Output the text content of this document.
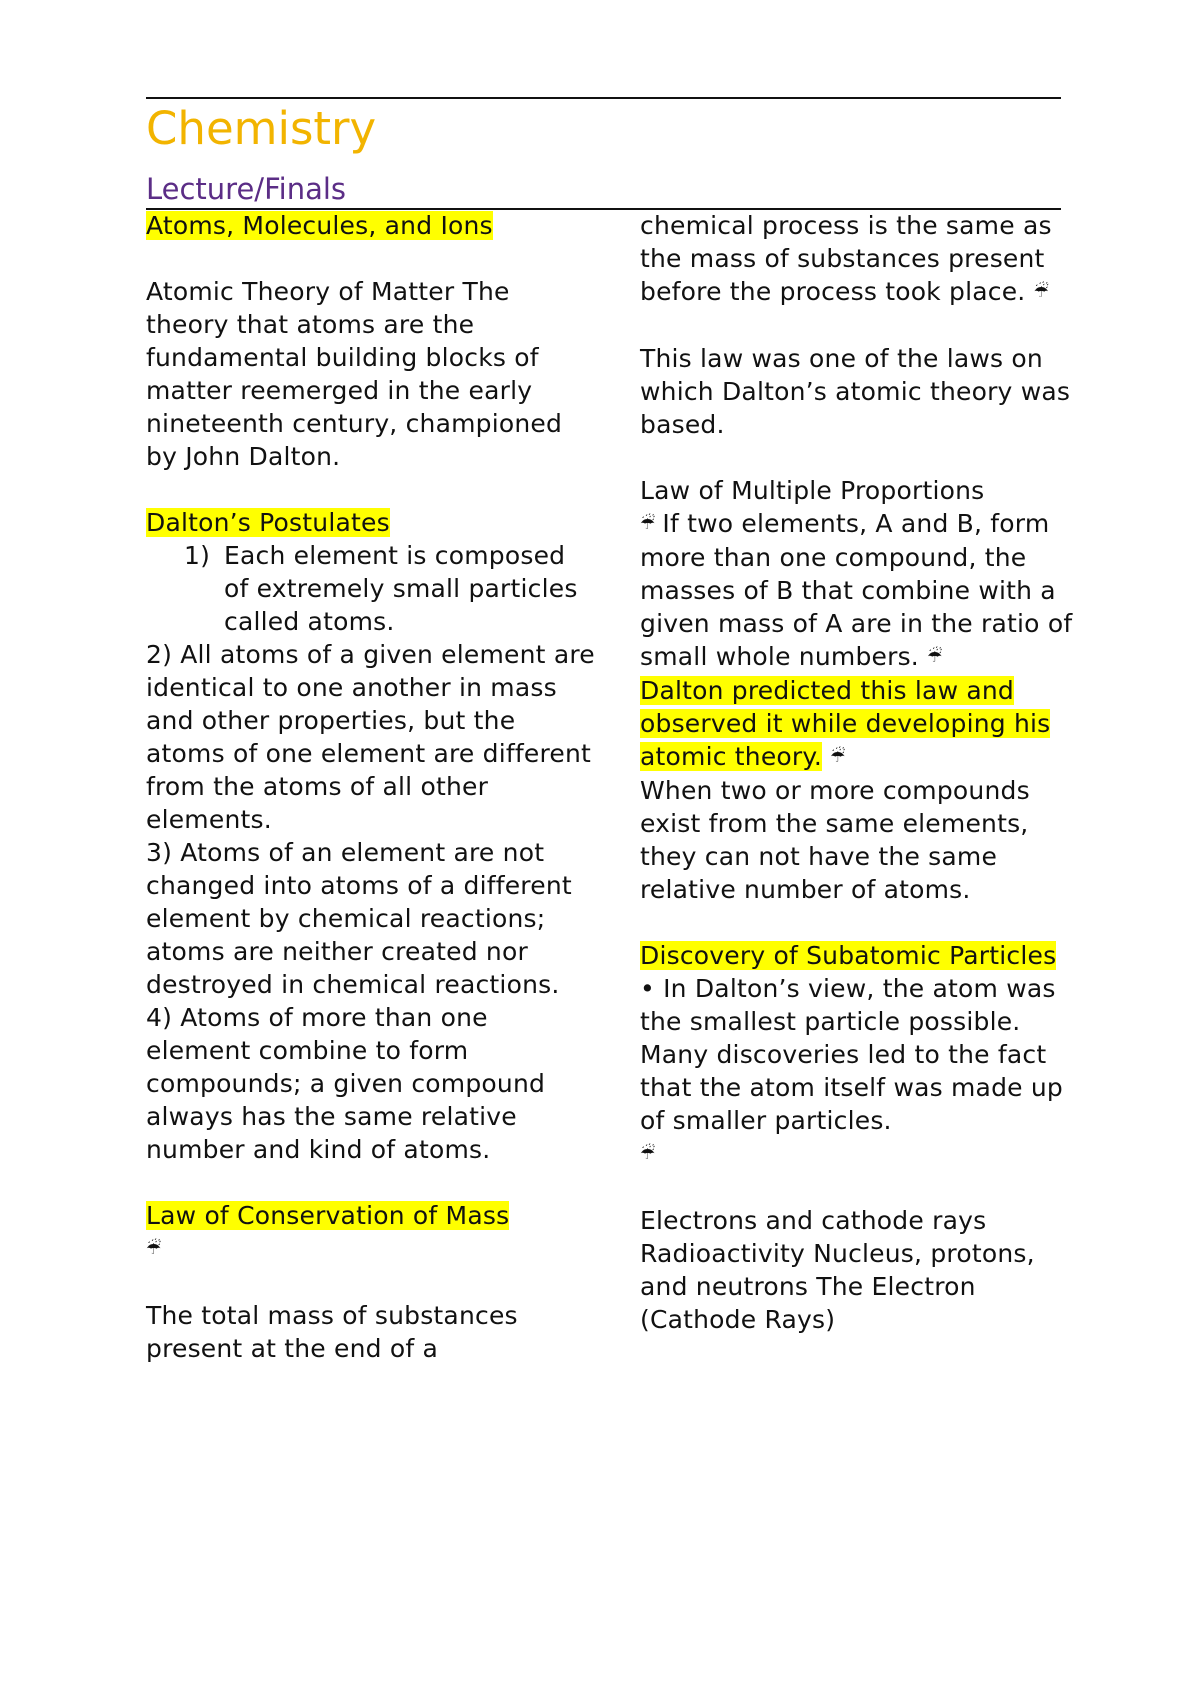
Chemistry
Lecture/Finals

Atoms, Molecules, and Ions

Atomic Theory of Matter The theory that atoms are the fundamental building blocks of matter reemerged in the early nineteenth century, championed by John Dalton.

Dalton’s Postulates

1) Each element is composed of extremely small particles called atoms.

2) All atoms of a given element are identical to one another in mass and other properties, but the atoms of one element are different from the atoms of all other elements.

3) Atoms of an element are not changed into atoms of a different element by chemical reactions; atoms are neither created nor destroyed in chemical reactions.

4) Atoms of more than one element combine to form compounds; a given compound always has the same relative number and kind of atoms.

Law of Conservation of Mass

☔

The total mass of substances present at the end of a

chemical process is the same as the mass of substances present before the process took place. ☔

This law was one of the laws on which Dalton’s atomic theory was based.

Law of Multiple Proportions

☔ If two elements, A and B, form more than one compound, the masses of B that combine with a given mass of A are in the ratio of small whole numbers. ☔

Dalton predicted this law and observed it while developing his atomic theory. ☔

When two or more compounds exist from the same elements, they can not have the same relative number of atoms.

Discovery of Subatomic Particles

• In Dalton’s view, the atom was the smallest particle possible.

Many discoveries led to the fact that the atom itself was made up of smaller particles.

☔

Electrons and cathode rays Radioactivity Nucleus, protons, and neutrons The Electron (Cathode Rays)
